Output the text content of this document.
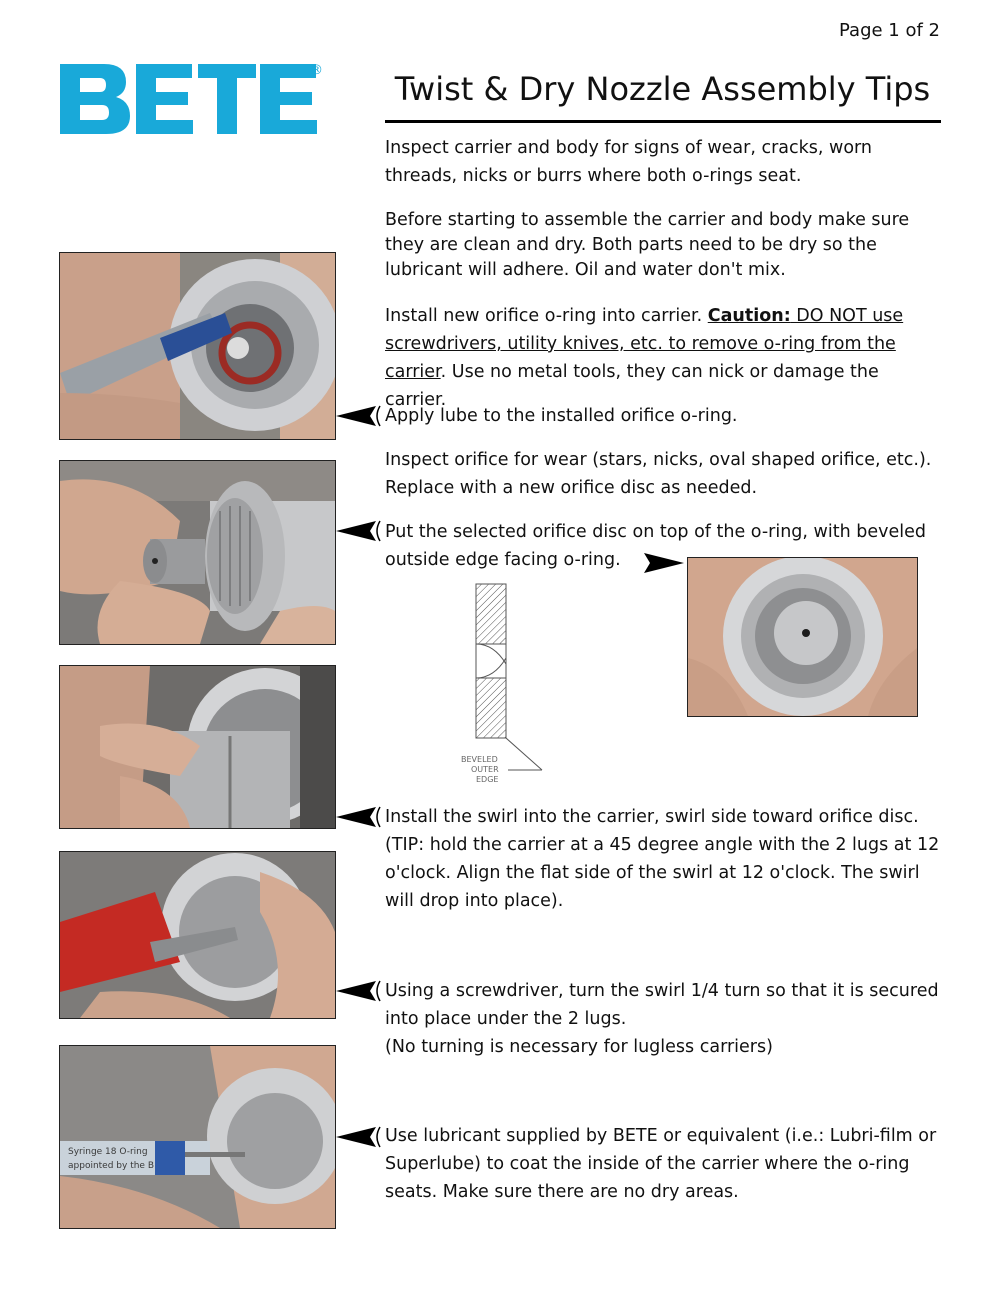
Page 1 of 2
®	Twist & Dry Nozzle Assembly Tips
Inspect carrier and body for signs of wear, cracks, worn threads, nicks or burrs where both o-rings seat.
Before starting to assemble the carrier and body make sure they are clean and dry. Both parts need to be dry so the lubricant will adhere. Oil and water don't mix.
Install new orifice o-ring into carrier. Caution: DO NOT use screwdrivers, utility knives, etc. to remove o-ring from the carrier. Use no metal tools, they can nick or damage the carrier.
Apply lube to the installed orifice o-ring.
Inspect orifice for wear (stars, nicks, oval shaped orifice, etc.). Replace with a new orifice disc as needed.
Put the selected orifice disc on top of the o-ring, with beveled outside edge facing o-ring.
Install the swirl into the carrier, swirl side toward orifice disc. (TIP: hold the carrier at a 45 degree angle with the 2 lugs at 12 o'clock. Align the flat side of the swirl at 12 o'clock. The swirl will drop into place).
Using a screwdriver, turn the swirl 1/4 turn so that it is secured into place under the 2 lugs.
(No turning is necessary for lugless carriers)
Use lubricant supplied by BETE or equivalent (i.e.: Lubri-film or Superlube) to coat the inside of the carrier where the o-ring seats. Make sure there are no dry areas.
Syringe 18 O-ring
appointed by the B
BEVELED
OUTER
EDGE
